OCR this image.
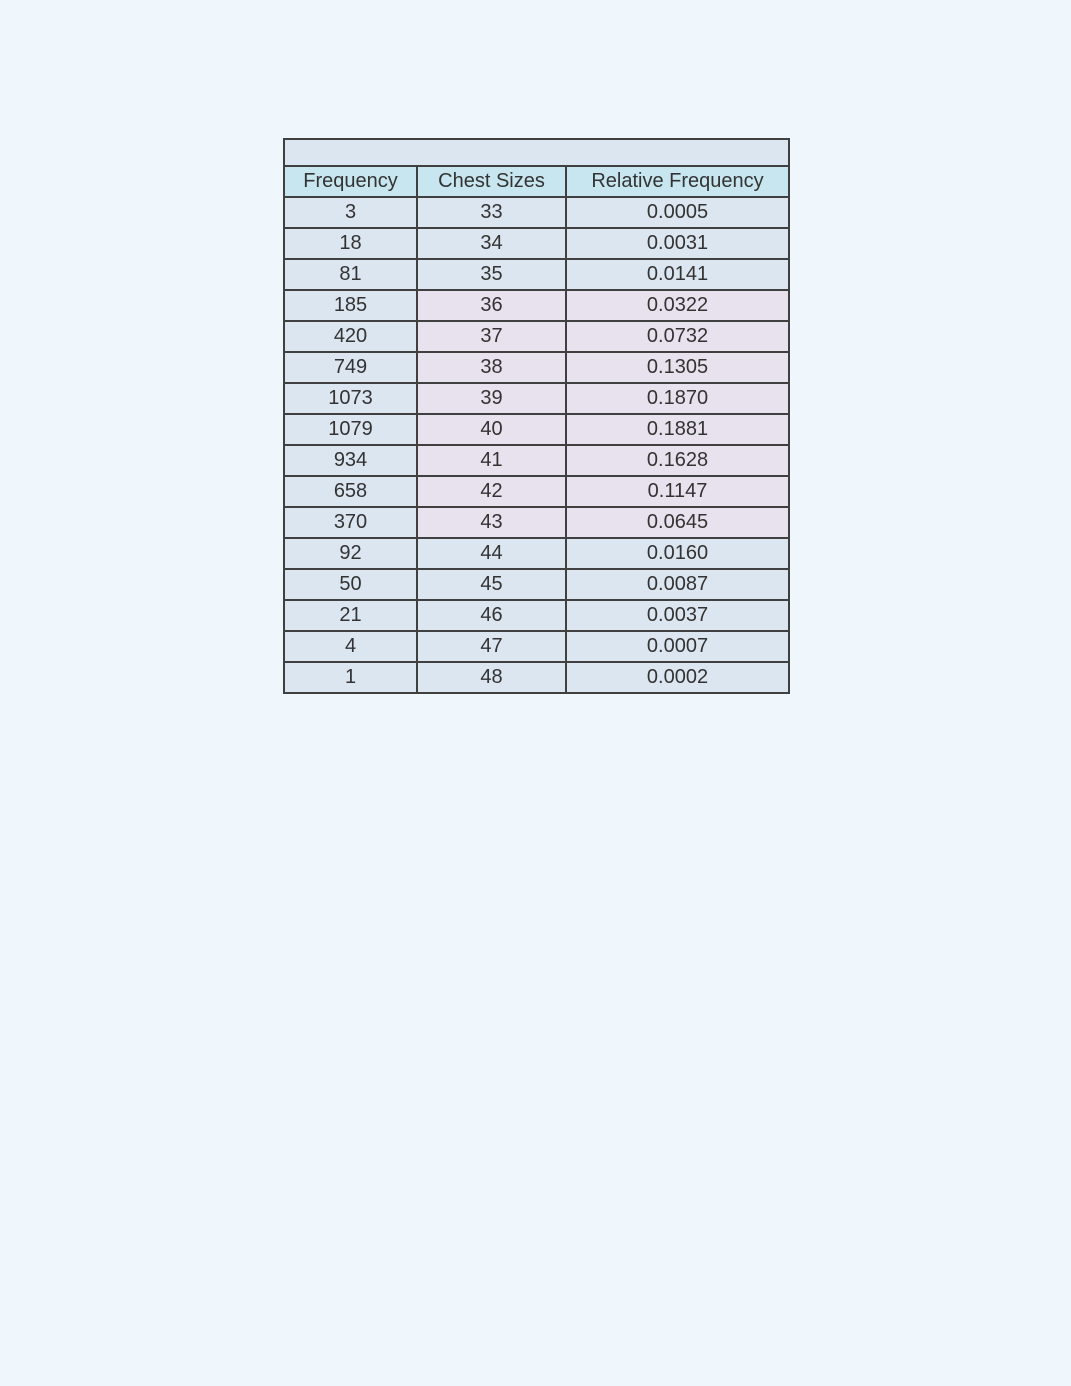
Frequency	Chest Sizes	Relative Frequency
3	33	0.0005
18	34	0.0031
81	35	0.0141
185	36	0.0322
420	37	0.0732
749	38	0.1305
1073	39	0.1870
1079	40	0.1881
934	41	0.1628
658	42	0.1147
370	43	0.0645
92	44	0.0160
50	45	0.0087
21	46	0.0037
4	47	0.0007
1	48	0.0002
